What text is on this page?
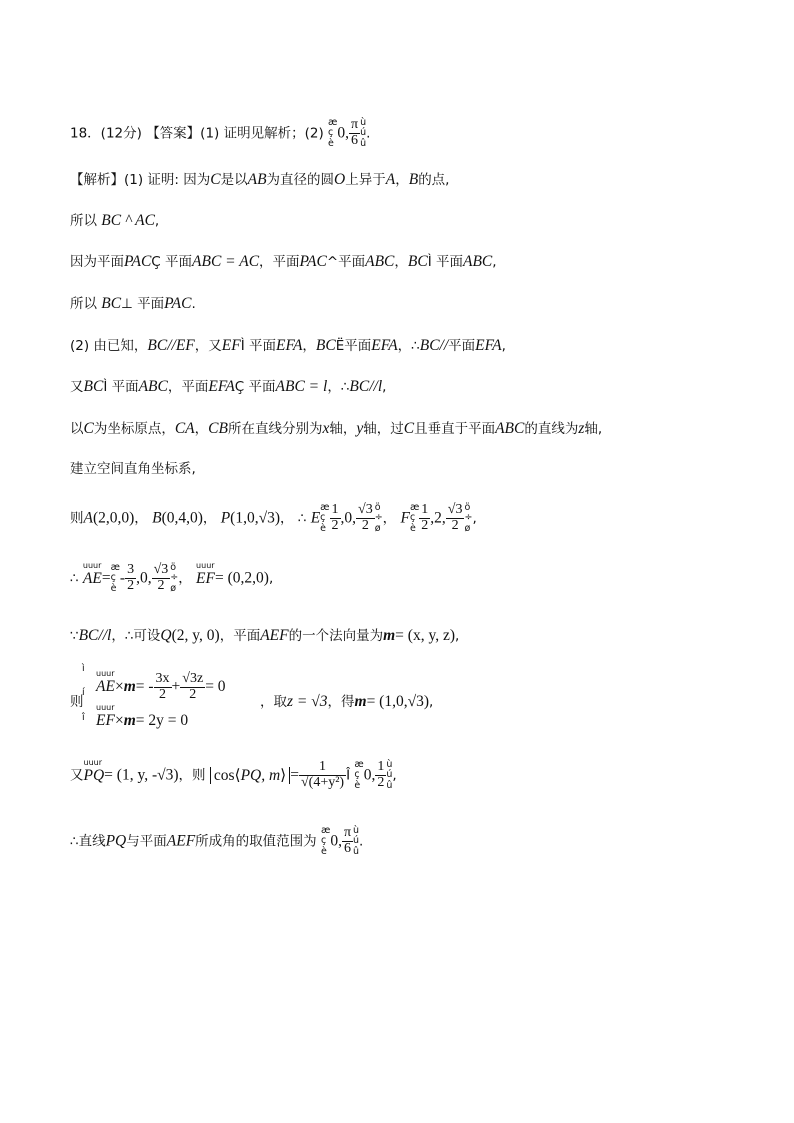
18．(12分) 【答案】(1) 证明见解析；(2)
æ
ç
è
0, $\frac{\pi}{6}$ ù
ú
û
.
【解析】(1) 证明: 因为C是以AB为直径的圆O上异于A，B的点,
所以 BC ^ AC,
因为平面PACÇ 平面ABC = AC，平面PAC^平面ABC，BCÌ 平面ABC,
所以 BC⊥ 平面PAC.
(2) 由已知，BC//EF，又EFÌ 平面EFA，BCË平面EFA，∴BC//平面EFA,
又BCÌ 平面ABC，平面EFAÇ 平面ABC = l，∴BC//l,
以C为坐标原点，CA，CB所在直线分别为x轴，y轴，过C且垂直于平面ABC的直线为z轴,
建立空间直角坐标系,
则A(2,0,0)， B(0,4,0)， P(1,0,√3)， ∴ E
æ
ç
è $\frac{1}{2} ,0$, $\frac{√3}{2}$ ö
÷
ø
， F
æ
ç
è $\frac{1}{2} ,2$, $\frac{√3}{2}$ ö
÷
ø
,
∴
uuur
AE=
æ
ç
è
- $\frac{3}{2} ,0$, $\frac{√3}{2}$ ö
÷
ø
，
uuur
EF= (0,2,0),
∵BC//l，∴可设Q(2, y, 0)，平面AEF的一个法向量为m= (x, y, z),
则
ì
í
î
uuur
$AE\times m= - \frac{3x}{2} + \frac{√3z}{2} = 0$
uuur
EF×m= 2y = 0
，取z = √3，得m= (1,0,√3),
又
uuur
PQ= (1, y, -√3)，则 cos⟨PQ, m⟩ = $\frac{1}{\text{√(4+y²)}}$ Î
æ
ç
è
0, $\frac{1}{2}$ ù
ú
û
,
∴直线PQ与平面AEF所成角的取值范围为
æ
ç
è
0, $\frac{\pi}{6}$ ù
ú
û
.
